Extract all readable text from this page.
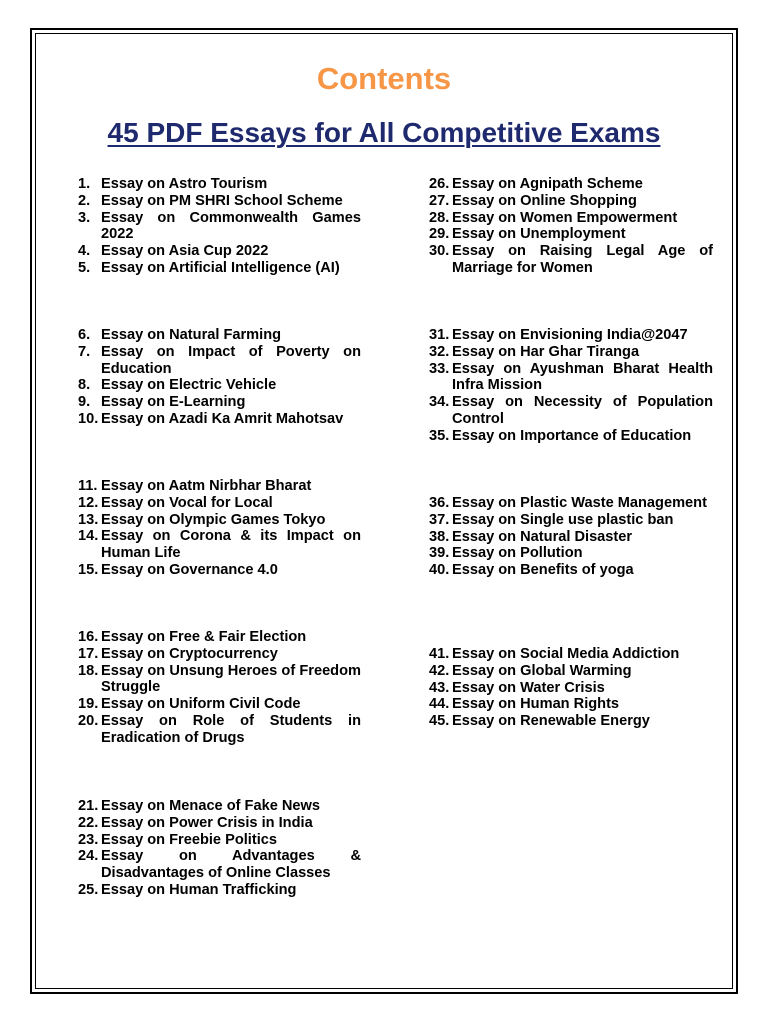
Contents
45 PDF Essays for All Competitive Exams
1. Essay on Astro Tourism
2. Essay on PM SHRI School Scheme
3. Essay on Commonwealth Games 2022
4. Essay on Asia Cup 2022
5. Essay on Artificial Intelligence (AI)
6. Essay on Natural Farming
7. Essay on Impact of Poverty on Education
8. Essay on Electric Vehicle
9. Essay on E-Learning
10. Essay on Azadi Ka Amrit Mahotsav
11. Essay on Aatm Nirbhar Bharat
12. Essay on Vocal for Local
13. Essay on Olympic Games Tokyo
14. Essay on Corona & its Impact on Human Life
15. Essay on Governance 4.0
16. Essay on Free & Fair Election
17. Essay on Cryptocurrency
18. Essay on Unsung Heroes of Freedom Struggle
19. Essay on Uniform Civil Code
20. Essay on Role of Students in Eradication of Drugs
21. Essay on Menace of Fake News
22. Essay on Power Crisis in India
23. Essay on Freebie Politics
24. Essay on Advantages & Disadvantages of Online Classes
25. Essay on Human Trafficking
26. Essay on Agnipath Scheme
27. Essay on Online Shopping
28. Essay on Women Empowerment
29. Essay on Unemployment
30. Essay on Raising Legal Age of Marriage for Women
31. Essay on Envisioning India@2047
32. Essay on Har Ghar Tiranga
33. Essay on Ayushman Bharat Health Infra Mission
34. Essay on Necessity of Population Control
35. Essay on Importance of Education
36. Essay on Plastic Waste Management
37. Essay on Single use plastic ban
38. Essay on Natural Disaster
39. Essay on Pollution
40. Essay on Benefits of yoga
41. Essay on Social Media Addiction
42. Essay on Global Warming
43. Essay on Water Crisis
44. Essay on Human Rights
45. Essay on Renewable Energy
